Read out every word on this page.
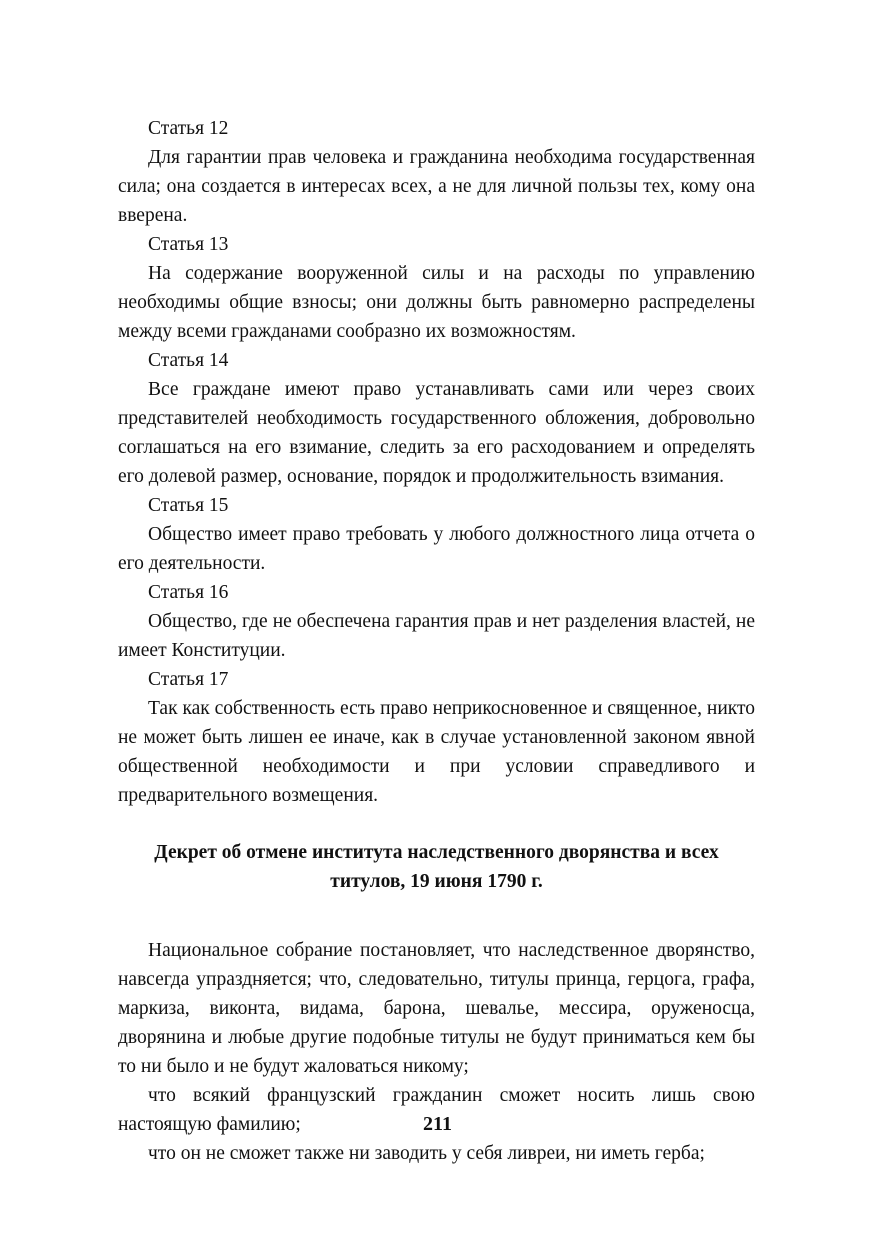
Статья 12

Для гарантии прав человека и гражданина необходима государственная сила; она создается в интересах всех, а не для личной пользы тех, кому она вверена.

Статья 13

На содержание вооруженной силы и на расходы по управлению необходимы общие взносы; они должны быть равномерно распределены между всеми гражданами сообразно их возможностям.

Статья 14

Все граждане имеют право устанавливать сами или через своих представителей необходимость государственного обложения, добровольно соглашаться на его взимание, следить за его расходованием и определять его долевой размер, основание, порядок и продолжительность взимания.

Статья 15

Общество имеет право требовать у любого должностного лица отчета о его деятельности.

Статья 16

Общество, где не обеспечена гарантия прав и нет разделения властей, не имеет Конституции.

Статья 17

Так как собственность есть право неприкосновенное и священное, никто не может быть лишен ее иначе, как в случае установленной законом явной общественной необходимости и при условии справедливого и предварительного возмещения.

Декрет об отмене института наследственного дворянства и всех титулов, 19 июня 1790 г.

Национальное собрание постановляет, что наследственное дворянство, навсегда упраздняется; что, следовательно, титулы принца, герцога, графа, маркиза, виконта, видама, барона, шевалье, мессира, оруженосца, дворянина и любые другие подобные титулы не будут приниматься кем бы то ни было и не будут жаловаться никому;

что всякий французский гражданин сможет носить лишь свою настоящую фамилию;

что он не сможет также ни заводить у себя ливреи, ни иметь герба;

211
